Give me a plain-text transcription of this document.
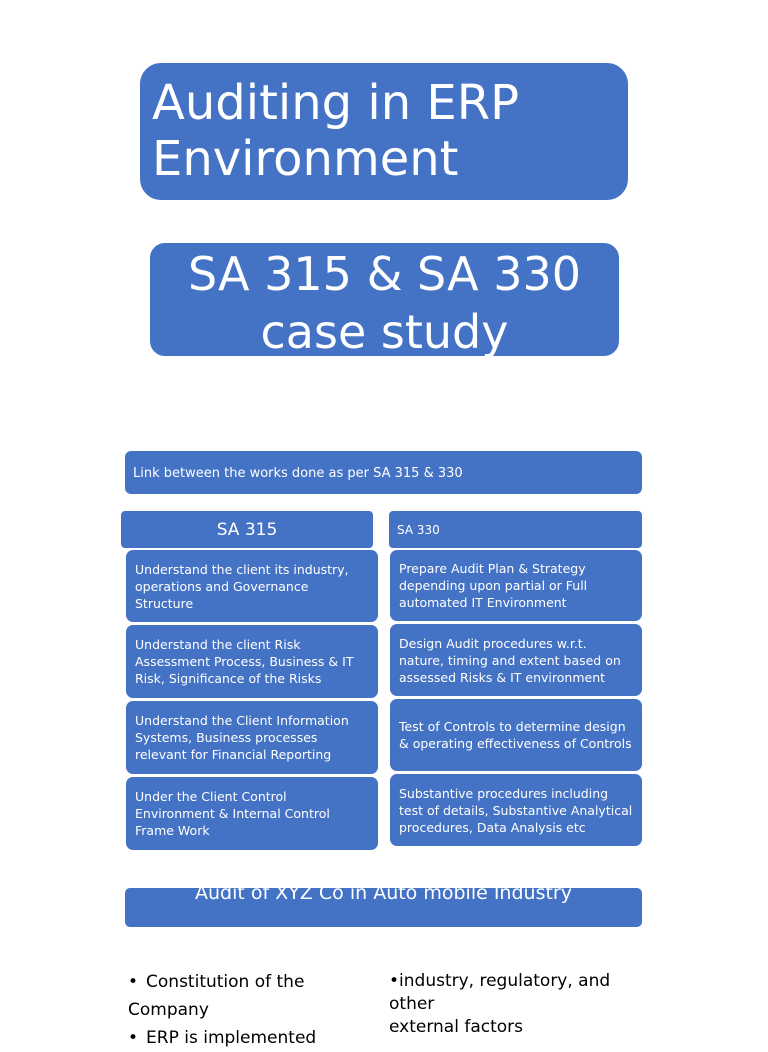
Auditing in ERP Environment
SA 315 & SA 330 case study
Link between the works done as per SA 315 & 330
SA 315	SA 330
Understand the client its industry, operations and Governance Structure
Understand the client Risk Assessment Process, Business & IT Risk, Significance of the Risks
Understand the Client Information Systems, Business processes relevant for Financial Reporting
Under the Client Control Environment & Internal Control Frame Work
Prepare Audit Plan & Strategy depending upon partial or Full automated IT Environment
Design Audit procedures w.r.t. nature, timing and extent based on assessed Risks & IT environment
Test of Controls to determine design & operating effectiveness of Controls
Substantive procedures including test of details, Substantive Analytical procedures, Data Analysis etc
Audit of XYZ Co in Auto mobile Industry
• Constitution of the Company
• ERP is implemented
•industry, regulatory, and other
external factors
